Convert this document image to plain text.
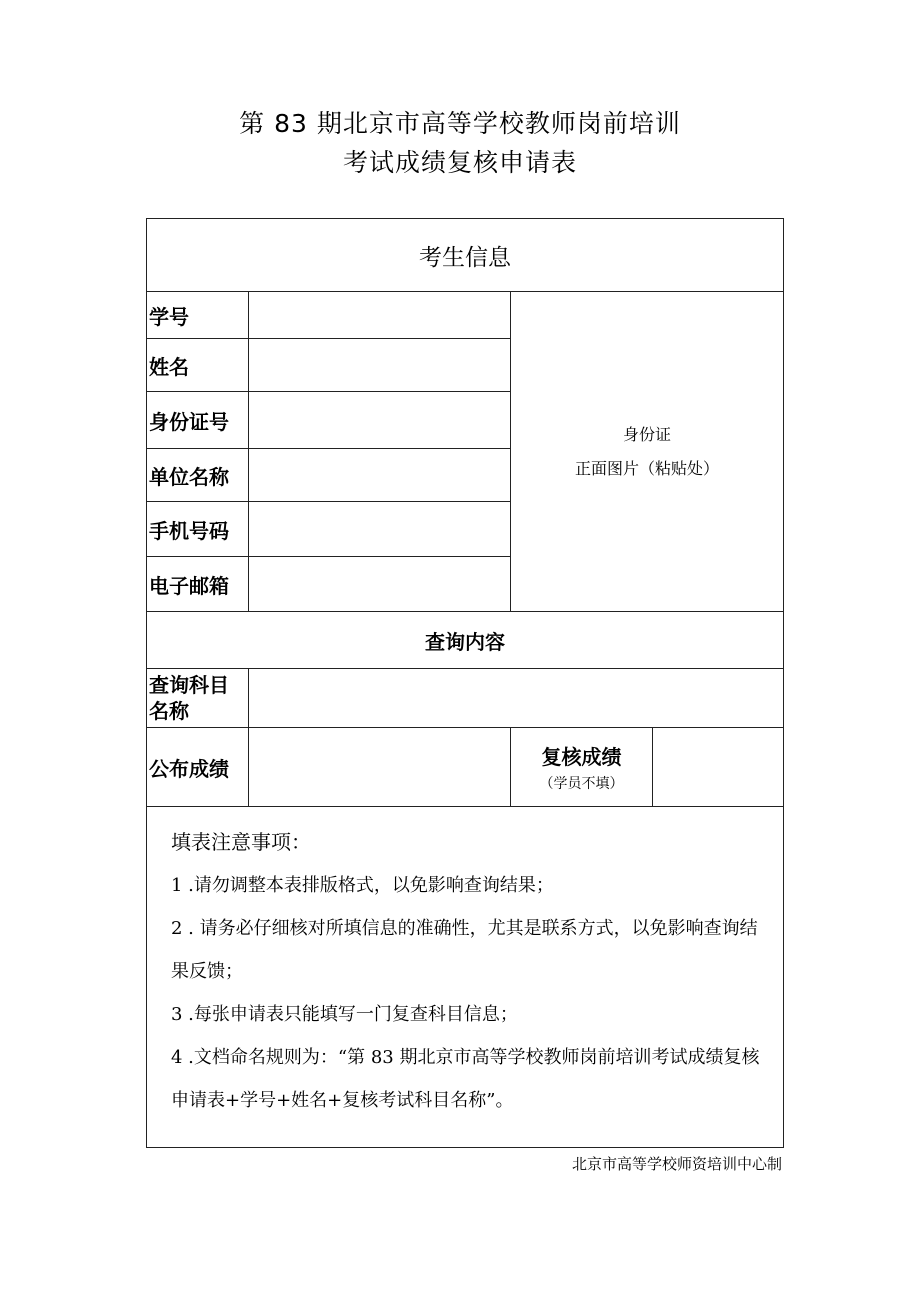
第 83 期北京市高等学校教师岗前培训
考试成绩复核申请表
考生信息			
学号		身份证
正面图片（粘贴处）	

姓名			
身份证号			
单位名称			
手机号码			
电子邮箱			
查询内容			

查询科目
名称			

公布成绩		复核成绩
（学员不填）	

填表注意事项：
1 .请勿调整本表排版格式，以免影响查询结果；
2 . 请务必仔细核对所填信息的准确性，尤其是联系方式，以免影响查询结果反馈；
3 .每张申请表只能填写一门复查科目信息；
4 .文档命名规则为：“第 83 期北京市高等学校教师岗前培训考试成绩复核申请表+学号+姓名+复核考试科目名称”。			
北京市高等学校师资培训中心制
